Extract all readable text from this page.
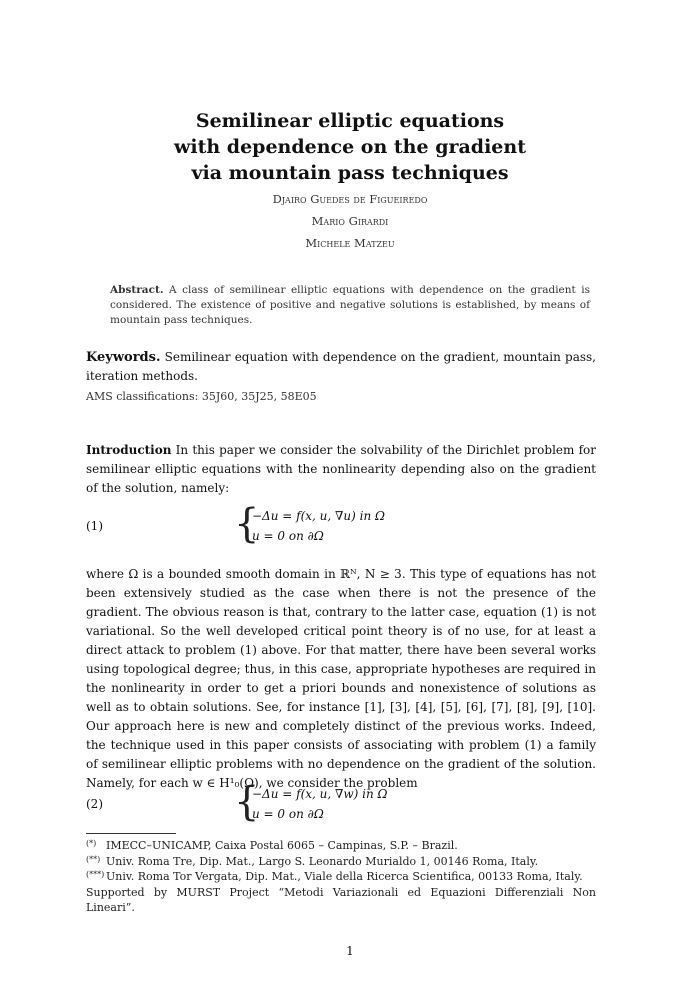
Semilinear elliptic equations
with dependence on the gradient
via mountain pass techniques
Djairo Guedes de Figueiredo
Mario Girardi
Michele Matzeu
Abstract. A class of semilinear elliptic equations with dependence on the gradient is considered. The existence of positive and negative solutions is established, by means of mountain pass techniques.
Keywords. Semilinear equation with dependence on the gradient, mountain pass, iteration methods.
AMS classifications: 35J60, 35J25, 58E05
Introduction In this paper we consider the solvability of the Dirichlet problem for semilinear elliptic equations with the nonlinearity depending also on the gradient of the solution, namely:
(1)	{
−Δu = f(x, u, ∇u) in Ω
u = 0 on ∂Ω
where Ω is a bounded smooth domain in ℝᴺ, N ≥ 3. This type of equations has not been extensively studied as the case when there is not the presence of the gradient. The obvious reason is that, contrary to the latter case, equation (1) is not variational. So the well developed critical point theory is of no use, for at least a direct attack to problem (1) above. For that matter, there have been several works using topological degree; thus, in this case, appropriate hypotheses are required in the nonlinearity in order to get a priori bounds and nonexistence of solutions as well as to obtain solutions. See, for instance [1], [3], [4], [5], [6], [7], [8], [9], [10]. Our approach here is new and completely distinct of the previous works. Indeed, the technique used in this paper consists of associating with problem (1) a family of semilinear elliptic problems with no dependence on the gradient of the solution. Namely, for each w ∈ H¹₀(Ω), we consider the problem
(2)	{
−Δu = f(x, u, ∇w) in Ω
u = 0 on ∂Ω
(*) IMECC–UNICAMP, Caixa Postal 6065 – Campinas, S.P. – Brazil.
(**) Univ. Roma Tre, Dip. Mat., Largo S. Leonardo Murialdo 1, 00146 Roma, Italy.
(***) Univ. Roma Tor Vergata, Dip. Mat., Viale della Ricerca Scientifica, 00133 Roma, Italy.
Supported by MURST Project “Metodi Variazionali ed Equazioni Differenziali Non Lineari”.
1
